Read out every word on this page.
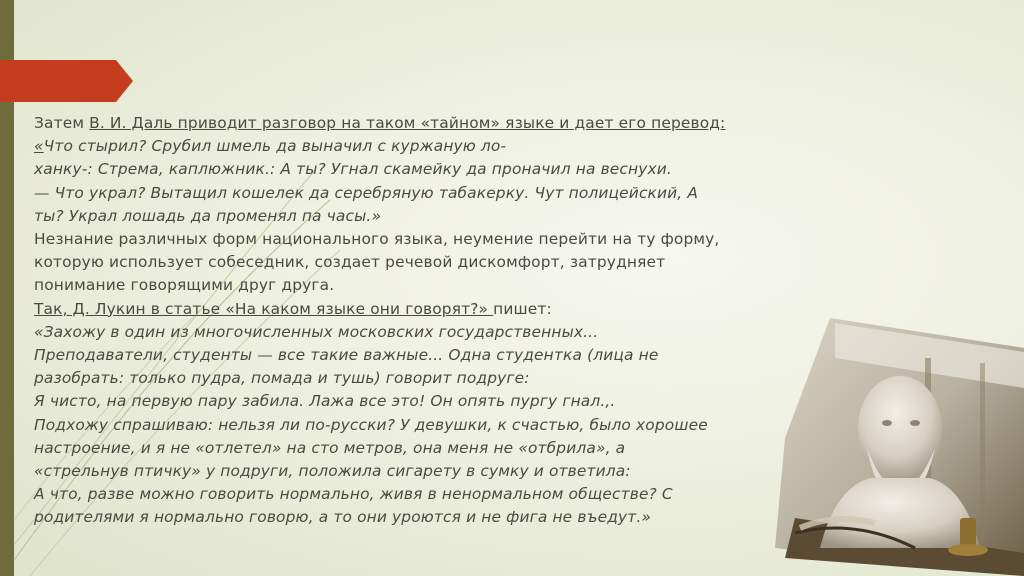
Затем В. И. Даль приводит разговор на таком «тайном» языке и дает его перевод:

«Что стырил? Срубил шмель да выначил с куржаную ло-

ханку-: Стрема, каплюжник.: А ты? Угнал скамейку да проначил на веснухи.

— Что украл? Вытащил кошелек да серебряную табакерку. Чут полицейский, А

ты? Украл лошадь да променял па часы.»

Незнание различных форм национального языка, неумение перейти на ту форму,

которую использует собеседник, создает речевой дискомфорт, затрудняет

понимание говорящими друг друга.

Так, Д. Лукин в статье «На каком языке они говорят?» пишет:

«Захожу в один из многочисленных московских государственных...

Преподаватели, студенты — все такие важные... Одна студентка (лица не

разобрать: только пудра, помада и тушь) говорит подруге:

Я чисто, на первую пару забила. Лажа все это! Он опять пургу гнал.,.

Подхожу спрашиваю: нельзя ли по-русски? У девушки, к счастью, было хорошее

настроение, и я не «отлетел» на сто метров, она меня не «отбрила», а

«стрельнув птичку» у подруги, положила сигарету в сумку и ответила:

А что, разве можно говорить нормально, живя в ненормальном обществе? С

родителями я нормально говорю, а то они уроются и не фига не въедут.»
